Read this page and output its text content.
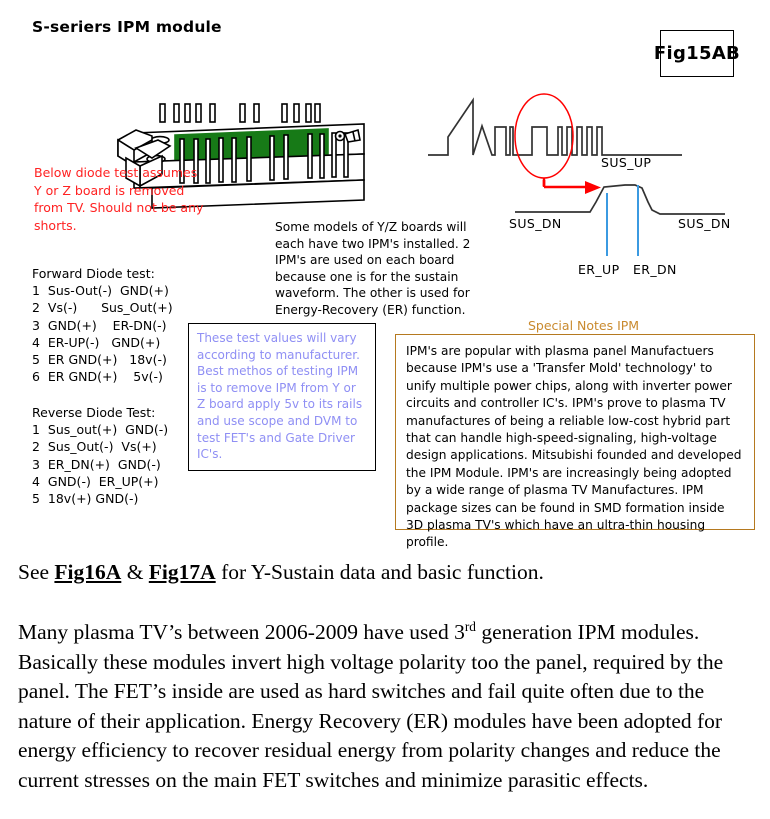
S-seriers IPM module
Fig15AB
Below diode test assumes Y or Z board is removed from TV. Should not be any shorts.
Forward Diode test:
1  Sus-Out(-)  GND(+)
2  Vs(-)      Sus_Out(+)
3  GND(+)    ER-DN(-)
4  ER-UP(-)   GND(+)
5  ER GND(+)   18v(-)
6  ER GND(+)    5v(-)
Reverse Diode Test:
1  Sus_out(+)  GND(-)
2  Sus_Out(-)  Vs(+)
3  ER_DN(+)  GND(-)
4  GND(-)  ER_UP(+)
5  18v(+) GND(-)
These test values will vary according to manufacturer. Best methos of testing IPM is to remove IPM from Y or Z board apply 5v to its rails and use scope and DVM to test FET's and Gate Driver IC's.
Some models of Y/Z boards will each have two IPM's installed. 2 IPM's are used on each board because one is for the sustain waveform. The other is used for Energy-Recovery (ER) function.
Special Notes IPM
IPM's are popular with plasma panel Manufactuers because IPM's use a 'Transfer Mold' technology' to unify multiple power chips, along with inverter power circuits and controller IC's. IPM's prove to plasma TV  manufactures of being a reliable low-cost hybrid part that can handle high-speed-signaling, high-voltage design applications. Mitsubishi founded and developed the IPM Module. IPM's are increasingly being adopted by a wide range of plasma TV Manufactures. IPM package sizes can be found in SMD formation inside 3D plasma TV's which have an ultra-thin housing profile.
SUS_UP
SUS_DN	SUS_DN
ER_UP ER_DN
See Fig16A & Fig17A for Y-Sustain data and basic function.
Many plasma TV’s between 2006-2009 have used 3rd generation IPM modules. Basically these modules invert high voltage polarity too the panel, required by the panel. The FET’s inside are used as hard switches and fail quite often due to the nature of their application. Energy Recovery (ER) modules have been adopted for energy efficiency to recover residual energy from polarity changes and reduce the current stresses on the main FET switches and minimize parasitic effects.
